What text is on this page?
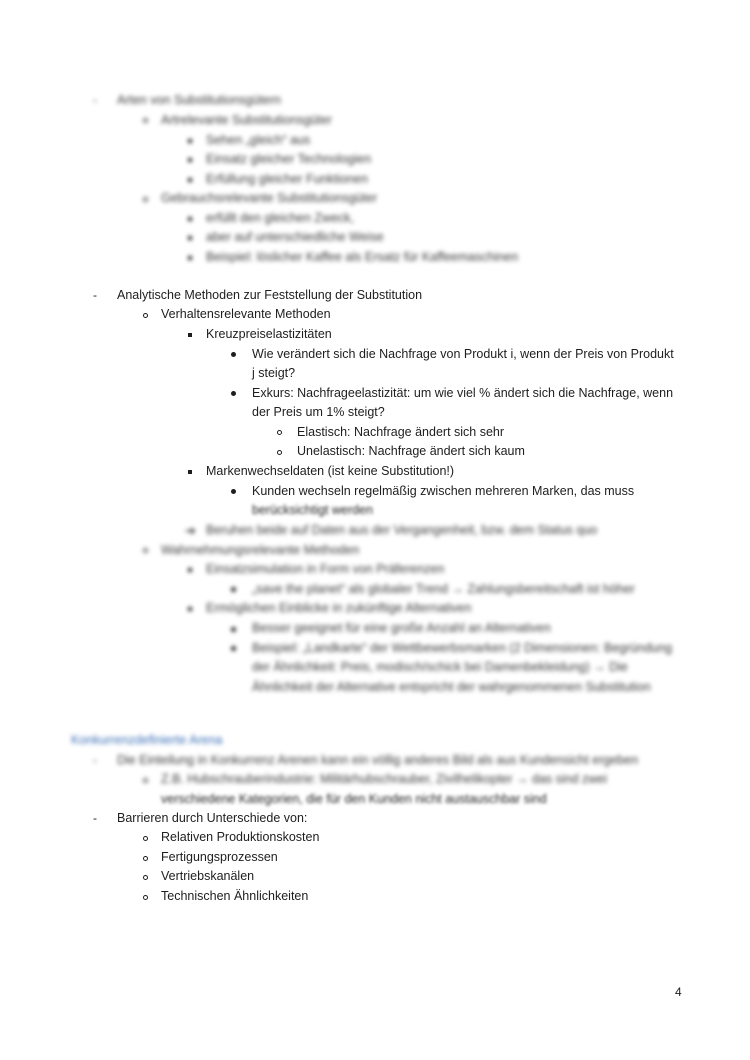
- Arten von Substitutionsgütern
Artrelevante Substitutionsgüter
Sehen „gleich“ aus
Einsatz gleicher Technologien
Erfüllung gleicher Funktionen
Gebrauchsrelevante Substitutionsgüter
erfüllt den gleichen Zweck,
aber auf unterschiedliche Weise
Beispiel: löslicher Kaffee als Ersatz für Kaffeemaschinen
- Analytische Methoden zur Feststellung der Substitution
Verhaltensrelevante Methoden
Kreuzpreiselastizitäten
Wie verändert sich die Nachfrage von Produkt i, wenn der Preis von Produkt
j steigt?
Exkurs: Nachfrageelastizität: um wie viel % ändert sich die Nachfrage, wenn
der Preis um 1% steigt?
Elastisch: Nachfrage ändert sich sehr
Unelastisch: Nachfrage ändert sich kaum
Markenwechseldaten (ist keine Substitution!)
Kunden wechseln regelmäßig zwischen mehreren Marken, das muss
berücksichtigt werden
➔ Beruhen beide auf Daten aus der Vergangenheit, bzw. dem Status quo
Wahrnehmungsrelevante Methoden
Einsatzsimulation in Form von Präferenzen
„save the planet“ als globaler Trend → Zahlungsbereitschaft ist höher
Ermöglichen Einblicke in zukünftige Alternativen
Besser geeignet für eine große Anzahl an Alternativen
Beispiel: „Landkarte“ der Wettbewerbsmarken (2 Dimensionen: Begründung
der Ähnlichkeit: Preis, modisch/schick bei Damenbekleidung) → Die
Ähnlichkeit der Alternative entspricht der wahrgenommenen Substitution
Konkurrenzdefinierte Arena
- Die Einteilung in Konkurrenz Arenen kann ein völlig anderes Bild als aus Kundensicht ergeben
Z.B. Hubschrauberindustrie: Militärhubschrauber, Zivilhelikopter → das sind zwei
verschiedene Kategorien, die für den Kunden nicht austauschbar sind
- Barrieren durch Unterschiede von:
Relativen Produktionskosten
Fertigungsprozessen
Vertriebskanälen
Technischen Ähnlichkeiten
4
